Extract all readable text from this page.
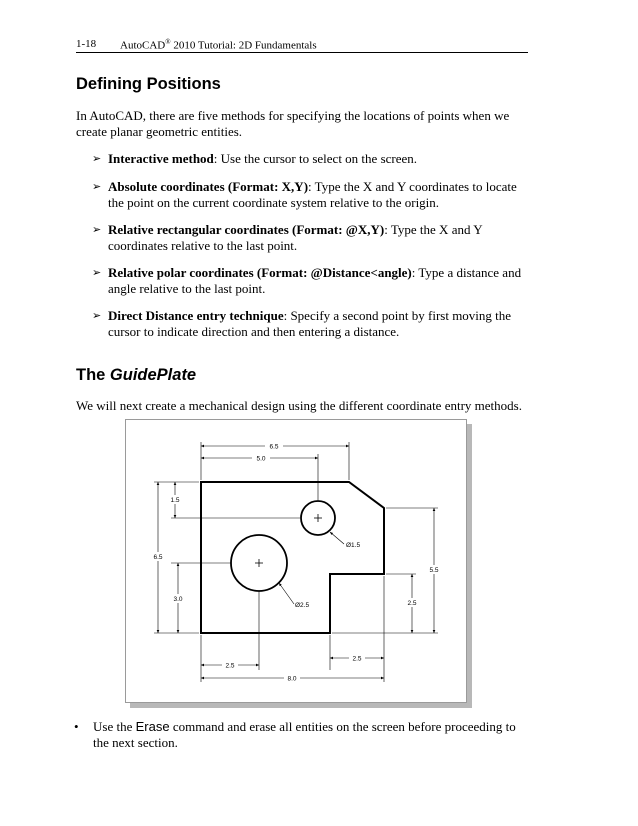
1-18 AutoCAD® 2010 Tutorial: 2D Fundamentals
Defining Positions
In AutoCAD, there are five methods for specifying the locations of points when we create planar geometric entities.
➢ Interactive method: Use the cursor to select on the screen.
➢ Absolute coordinates (Format: X,Y): Type the X and Y coordinates to locate the point on the current coordinate system relative to the origin.
➢ Relative rectangular coordinates (Format: @X,Y): Type the X and Y coordinates relative to the last point.
➢ Relative polar coordinates (Format: @Distance<angle): Type a distance and angle relative to the last point.
➢ Direct Distance entry technique: Specify a second point by first moving the cursor to indicate direction and then entering a distance.
The GuidePlate
We will next create a mechanical design using the different coordinate entry methods.
6.5
5.0
1.5
6.5
3.0
Ø1.5
Ø2.5
5.5
2.5
2.5
2.5
8.0
• Use the Erase command and erase all entities on the screen before proceeding to the next section.
